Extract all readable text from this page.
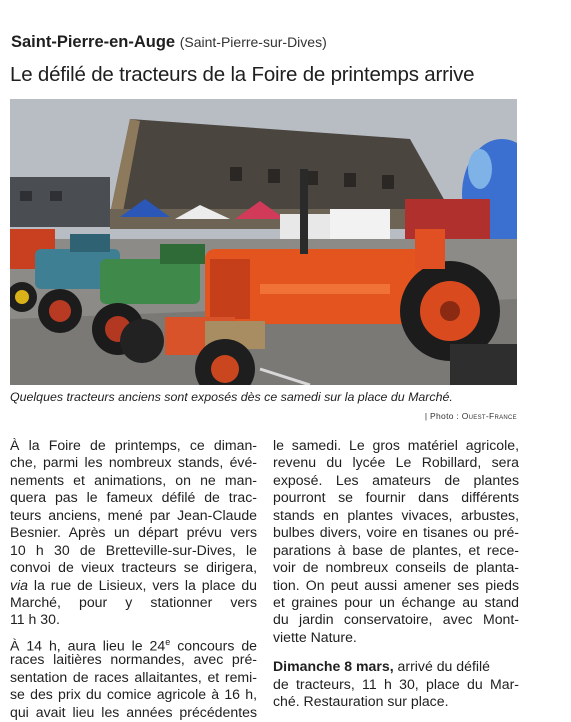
Saint-Pierre-en-Auge (Saint-Pierre-sur-Dives)
Le défilé de tracteurs de la Foire de printemps arrive
Quelques tracteurs anciens sont exposés dès ce samedi sur la place du Marché.
| Photo : Ouest-France
À la Foire de printemps, ce diman-
che, parmi les nombreux stands, évé-
nements et animations, on ne man-
quera pas le fameux défilé de trac-
teurs anciens, mené par Jean-Claude
Besnier. Après un départ prévu vers
10 h 30 de Bretteville-sur-Dives, le
convoi de vieux tracteurs se dirigera,
via la rue de Lisieux, vers la place du
Marché, pour y stationner vers
11 h 30.
À 14 h, aura lieu le 24e concours de
races laitières normandes, avec pré-
sentation de races allaitantes, et remi-
se des prix du comice agricole à 16 h,
qui avait lieu les années précédentes
le samedi. Le gros matériel agricole,
revenu du lycée Le Robillard, sera
exposé. Les amateurs de plantes
pourront se fournir dans différents
stands en plantes vivaces, arbustes,
bulbes divers, voire en tisanes ou pré-
parations à base de plantes, et rece-
voir de nombreux conseils de planta-
tion. On peut aussi amener ses pieds
et graines pour un échange au stand
du jardin conservatoire, avec Mont-
viette Nature.
Dimanche 8 mars, arrivé du défilé
de tracteurs, 11 h 30, place du Mar-
ché. Restauration sur place.
